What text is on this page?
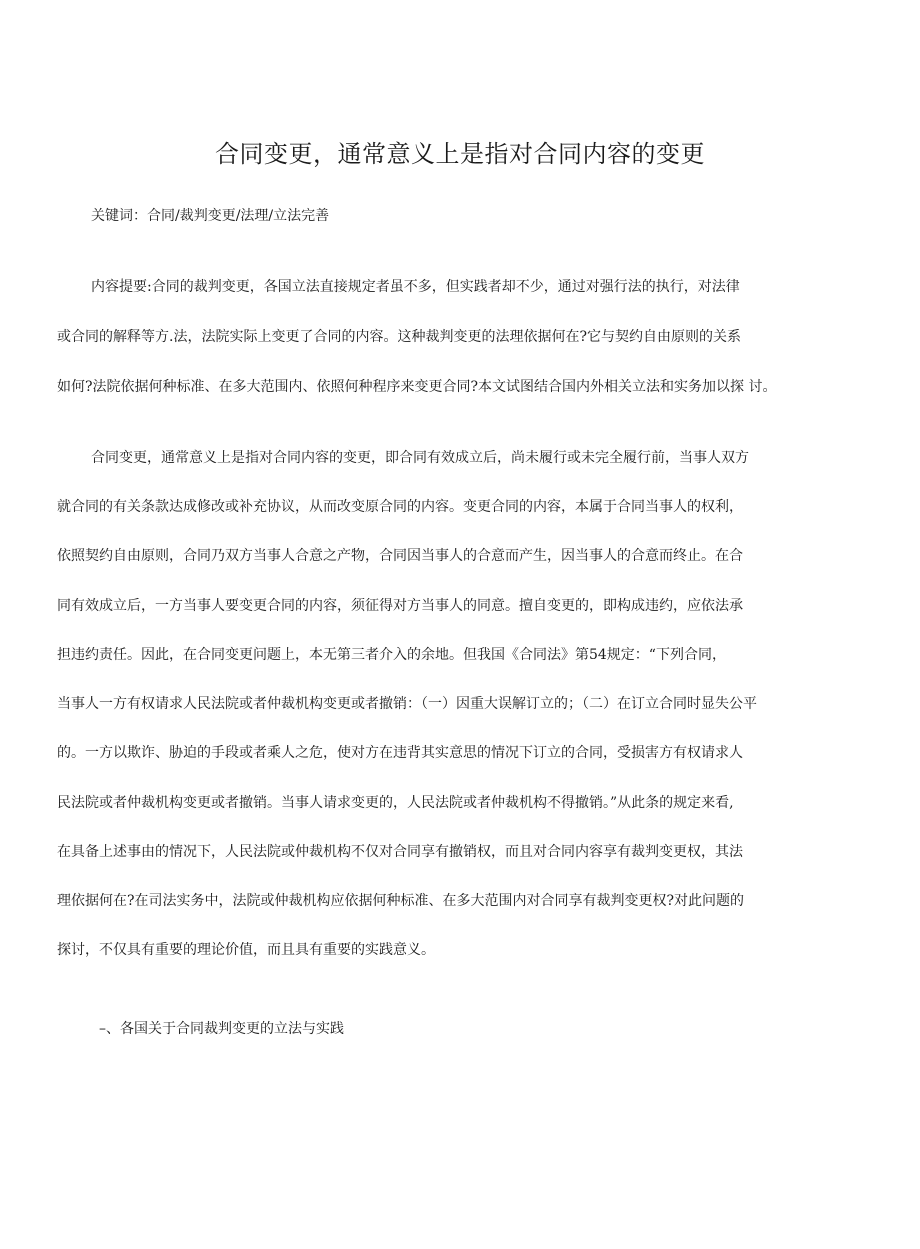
合同变更，通常意义上是指对合同内容的变更

关键词：合同/裁判变更/法理/立法完善

内容提要:合同的裁判变更，各国立法直接规定者虽不多，但实践者却不少，通过对强行法的执行，对法律

或合同的解释等方.法，法院实际上变更了合同的内容。这种裁判变更的法理依据何在?它与契约自由原则的关系

如何?法院依据何种标准、在多大范围内、依照何种程序来变更合同?本文试图结合国内外相关立法和实务加以探 讨。

合同变更，通常意义上是指对合同内容的变更，即合同有效成立后，尚未履行或未完全履行前，当事人双方

就合同的有关条款达成修改或补充协议，从而改变原合同的内容。变更合同的内容，本属于合同当事人的权利，

依照契约自由原则，合同乃双方当事人合意之产物，合同因当事人的合意而产生，因当事人的合意而终止。在合

同有效成立后，一方当事人要变更合同的内容，须征得对方当事人的同意。擅自变更的，即构成违约，应依法承

担违约责任。因此，在合同变更问题上，本无第三者介入的余地。但我国《合同法》第54规定：“下列合同，

当事人一方有权请求人民法院或者仲裁机构变更或者撤销：（一）因重大误解订立的；（二）在订立合同时显失公平

的。一方以欺诈、胁迫的手段或者乘人之危，使对方在违背其实意思的情况下订立的合同，受损害方有权请求人

民法院或者仲裁机构变更或者撤销。当事人请求变更的，人民法院或者仲裁机构不得撤销。”从此条的规定来看,

在具备上述事由的情况下，人民法院或仲裁机构不仅对合同享有撤销权，而且对合同内容享有裁判变更权，其法

理依据何在?在司法实务中，法院或仲裁机构应依据何种标准、在多大范围内对合同享有裁判变更权?对此问题的

探讨，不仅具有重要的理论价值，而且具有重要的实践意义。

–、各国关于合同裁判变更的立法与实践
